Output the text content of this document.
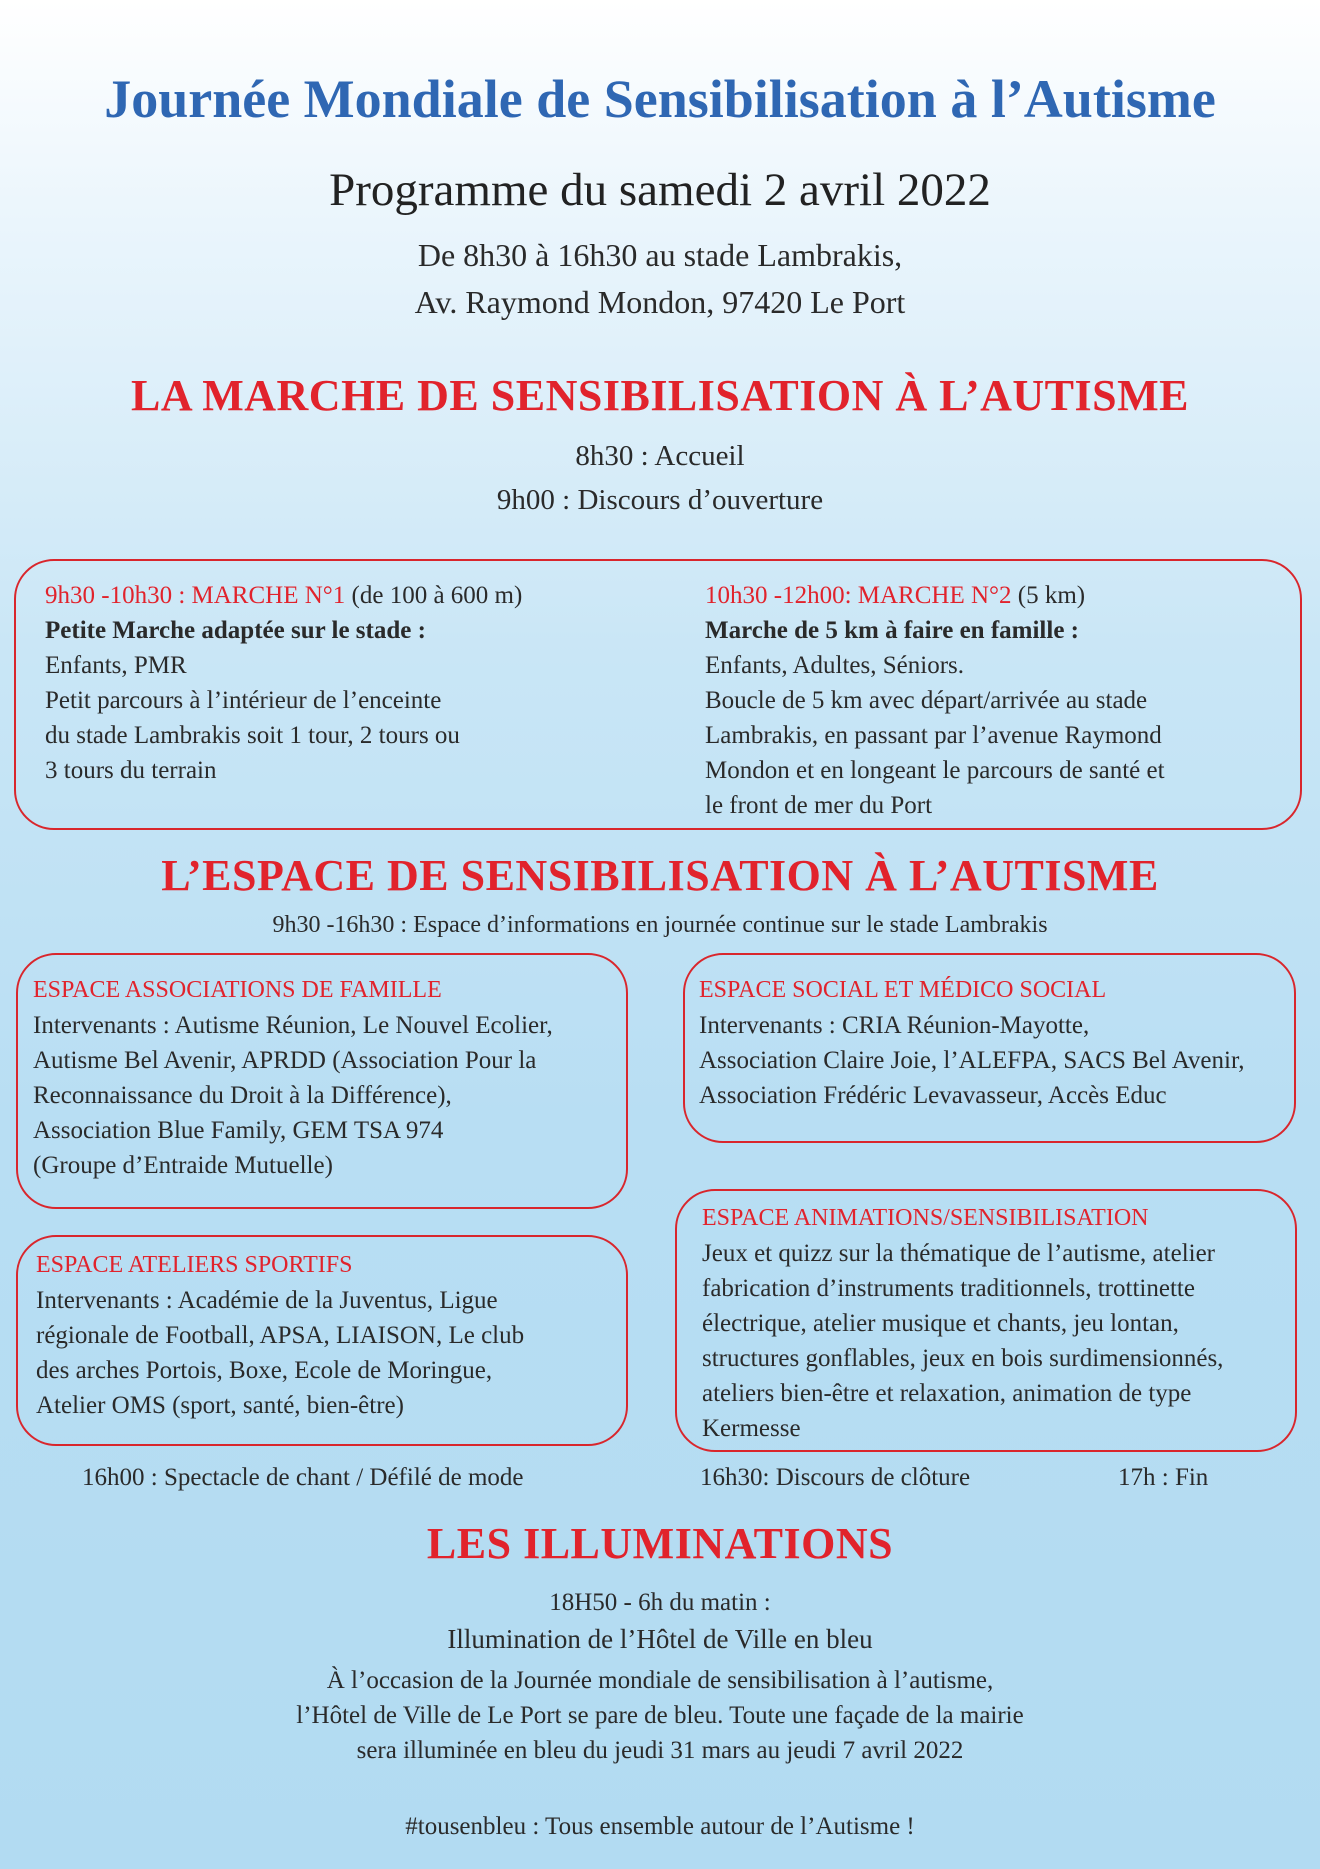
Journée Mondiale de Sensibilisation à l’Autisme
Programme du samedi 2 avril 2022
De 8h30 à 16h30 au stade Lambrakis,
Av. Raymond Mondon, 97420 Le Port
LA MARCHE DE SENSIBILISATION À L’AUTISME
8h30 : Accueil
9h00 : Discours d’ouverture
9h30 -10h30 : MARCHE N°1 (de 100 à 600 m)
Petite Marche adaptée sur le stade :
Enfants, PMR
Petit parcours à l’intérieur de l’enceinte
du stade Lambrakis soit 1 tour, 2 tours ou
3 tours du terrain
10h30 -12h00: MARCHE N°2 (5 km)
Marche de 5 km à faire en famille :
Enfants, Adultes, Séniors.
Boucle de 5 km avec départ/arrivée au stade
Lambrakis, en passant par l’avenue Raymond
Mondon et en longeant le parcours de santé et
le front de mer du Port
L’ESPACE DE SENSIBILISATION À L’AUTISME
9h30 -16h30 : Espace d’informations en journée continue sur le stade Lambrakis
ESPACE ASSOCIATIONS DE FAMILLE
Intervenants : Autisme Réunion, Le Nouvel Ecolier,
Autisme Bel Avenir, APRDD (Association Pour la
Reconnaissance du Droit à la Différence),
Association Blue Family, GEM TSA 974
(Groupe d’Entraide Mutuelle)
ESPACE SOCIAL ET MÉDICO SOCIAL
Intervenants : CRIA Réunion-Mayotte,
Association Claire Joie, l’ALEFPA, SACS Bel Avenir,
Association Frédéric Levavasseur, Accès Educ
ESPACE ANIMATIONS/SENSIBILISATION
Jeux et quizz sur la thématique de l’autisme, atelier
fabrication d’instruments traditionnels, trottinette
électrique, atelier musique et chants, jeu lontan,
structures gonflables, jeux en bois surdimensionnés,
ateliers bien-être et relaxation, animation de type
Kermesse
ESPACE ATELIERS SPORTIFS
Intervenants : Académie de la Juventus, Ligue
régionale de Football, APSA, LIAISON, Le club
des arches Portois, Boxe, Ecole de Moringue,
Atelier OMS (sport, santé, bien-être)
16h00 : Spectacle de chant / Défilé de mode	16h30: Discours de clôture	17h : Fin
LES ILLUMINATIONS
18H50 - 6h du matin :
Illumination de l’Hôtel de Ville en bleu
À l’occasion de la Journée mondiale de sensibilisation à l’autisme,
l’Hôtel de Ville de Le Port se pare de bleu. Toute une façade de la mairie
sera illuminée en bleu du jeudi 31 mars au jeudi 7 avril 2022
#tousenbleu : Tous ensemble autour de l’Autisme !
